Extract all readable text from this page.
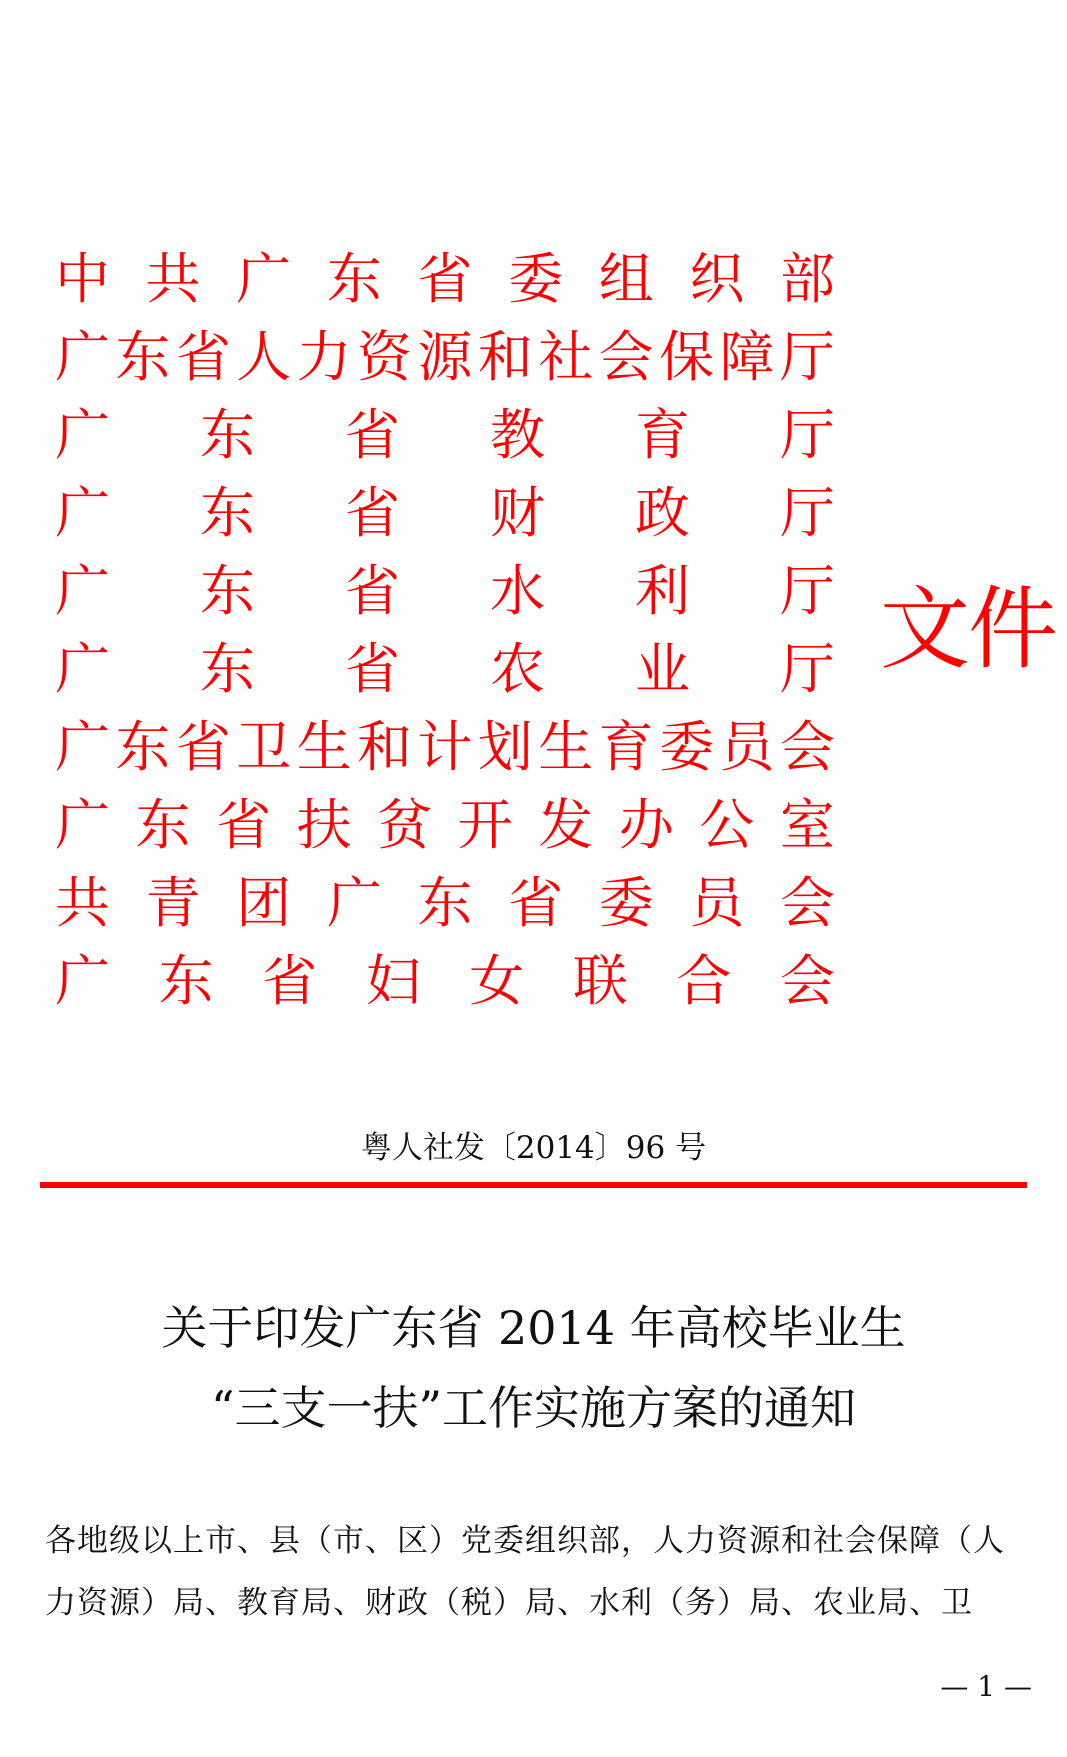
中 共 广 东 省 委 组 织 部
广 东 省 人 力 资 源 和 社 会 保 障 厅
广 东 省 教 育 厅
广 东 省 财 政 厅
广 东 省 水 利 厅
广 东 省 农 业 厅
广 东 省 卫 生 和 计 划 生 育 委 员 会
广 东 省 扶 贫 开 发 办 公 室
共 青 团 广 东 省 委 员 会
广 东 省 妇 女 联 合 会
文件
粤人社发〔2014〕96 号
关于印发广东省 2014 年高校毕业生
“三支一扶”工作实施方案的通知
各地级以上市、县（市、区）党委组织部，人力资源和社会保障（人力资源）局、教育局、财政（税）局、水利（务）局、农业局、卫
— 1 —
